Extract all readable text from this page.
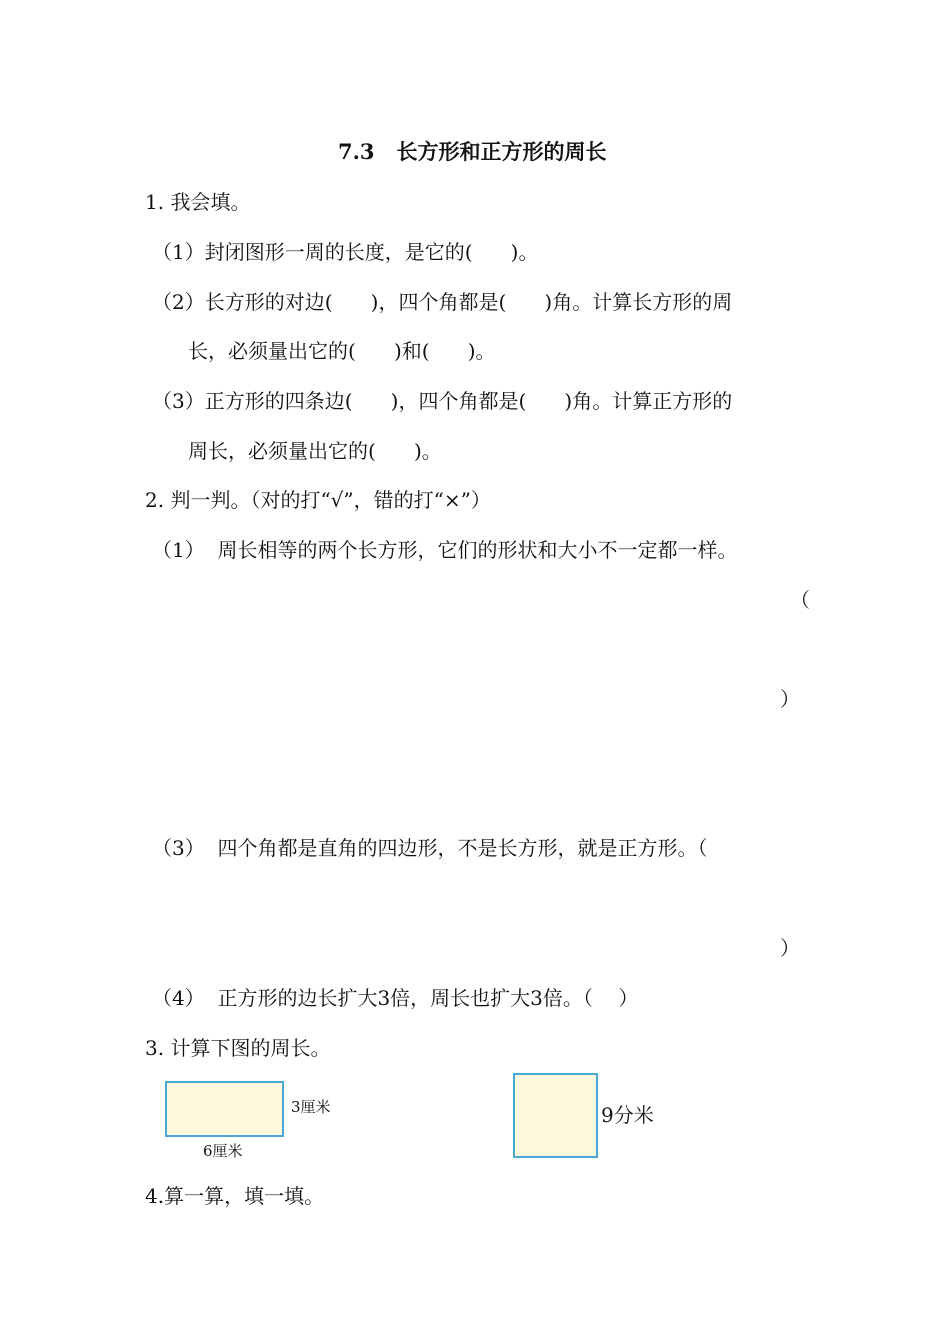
7.3   长方形和正方形的周长
1. 我会填。
（1）封闭图形一周的长度，是它的(      )。
（2）长方形的对边(      )，四个角都是(      )角。计算长方形的周
长，必须量出它的(      )和(      )。
（3）正方形的四条边(      )，四个角都是(      )角。计算正方形的
周长，必须量出它的(      )。
2. 判一判。（对的打“√”，错的打“×”）
（1）  周长相等的两个长方形，它们的形状和大小不一定都一样。
（
）
（3）  四个角都是直角的四边形，不是长方形，就是正方形。（
）
（4）  正方形的边长扩大3倍，周长也扩大3倍。（    ）
3. 计算下图的周长。
3厘米
6厘米
9分米
4.算一算，填一填。
